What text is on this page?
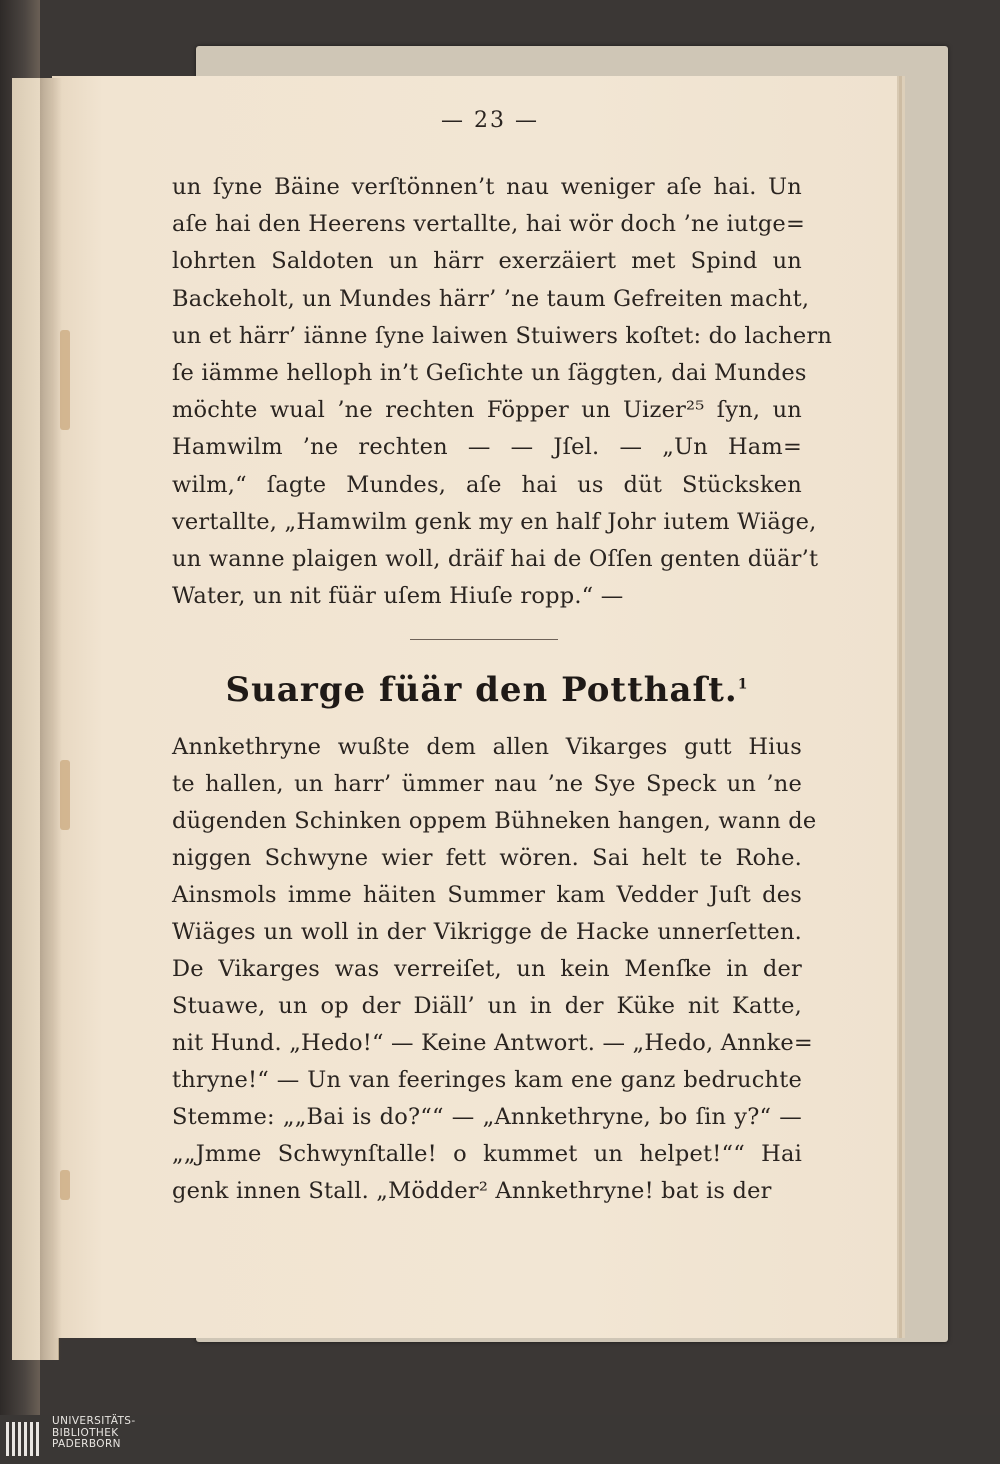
— 23 —
un ſyne Bäine verſtönnen’t nau weniger aſe hai. Un
aſe hai den Heerens vertallte, hai wör doch ’ne iutge=
lohrten Saldoten un härr exerzäiert met Spind un
Backeholt, un Mundes härr’ ’ne taum Gefreiten macht,
un et härr’ iänne ſyne laiwen Stuiwers koſtet: do lachern
ſe iämme helloph in’t Geſichte un ſäggten, dai Mundes
möchte wual ’ne rechten Föpper un Uizer²⁵ ſyn, un
Hamwilm ’ne rechten — — Jſel. — „Un Ham=
wilm,“ ſagte Mundes, aſe hai us düt Stücksken
vertallte, „Hamwilm genk my en half Johr iutem Wiäge,
un wanne plaigen woll, dräif hai de Oſſen genten düär’t
Water, un nit füär uſem Hiuſe ropp.“ —
Suarge füär den Potthaſt.$^1$
Annkethryne wußte dem allen Vikarges gutt Hius
te hallen, un harr’ ümmer nau ’ne Sye Speck un ’ne
dügenden Schinken oppem Bühneken hangen, wann de
niggen Schwyne wier fett wören. Sai helt te Rohe.
Ainsmols imme häiten Summer kam Vedder Juſt des
Wiäges un woll in der Vikrigge de Hacke unnerſetten.
De Vikarges was verreiſet, un kein Menſke in der
Stuawe, un op der Diäll’ un in der Küke nit Katte,
nit Hund. „Hedo!“ — Keine Antwort. — „Hedo, Annke=
thryne!“ — Un van feeringes kam ene ganz bedruchte
Stemme: „„Bai is do?““ — „Annkethryne, bo ſin y?“ —
„„Jmme Schwynſtalle! o kummet un helpet!““ Hai
genk innen Stall. „Mödder² Annkethryne! bat is der
UNIVERSITÄTS-
BIBLIOTHEK
PADERBORN
